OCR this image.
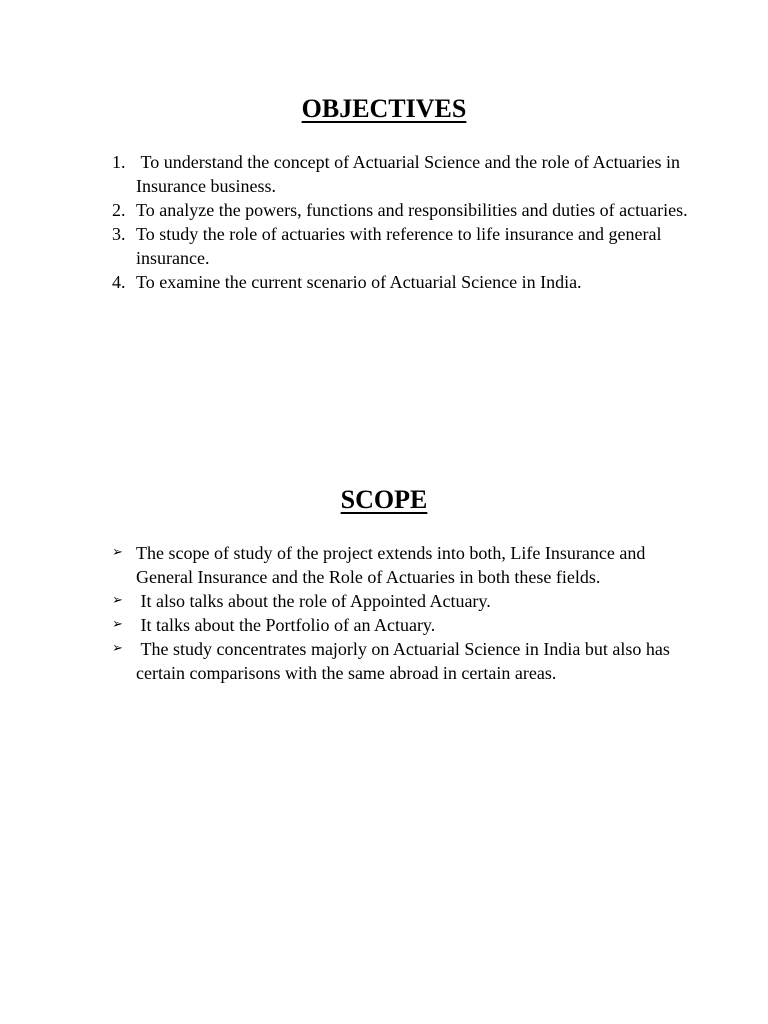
OBJECTIVES
1. To understand the concept of Actuarial Science and the role of Actuaries in Insurance business.
2. To analyze the powers, functions and responsibilities and duties of actuaries.
3. To study the role of actuaries with reference to life insurance and general insurance.
4. To examine the current scenario of Actuarial Science in India.
SCOPE
➢ The scope of study of the project extends into both, Life Insurance and General Insurance and the Role of Actuaries in both these fields.
➢ It also talks about the role of Appointed Actuary.
➢ It talks about the Portfolio of an Actuary.
➢ The study concentrates majorly on Actuarial Science in India but also has certain comparisons with the same abroad in certain areas.
